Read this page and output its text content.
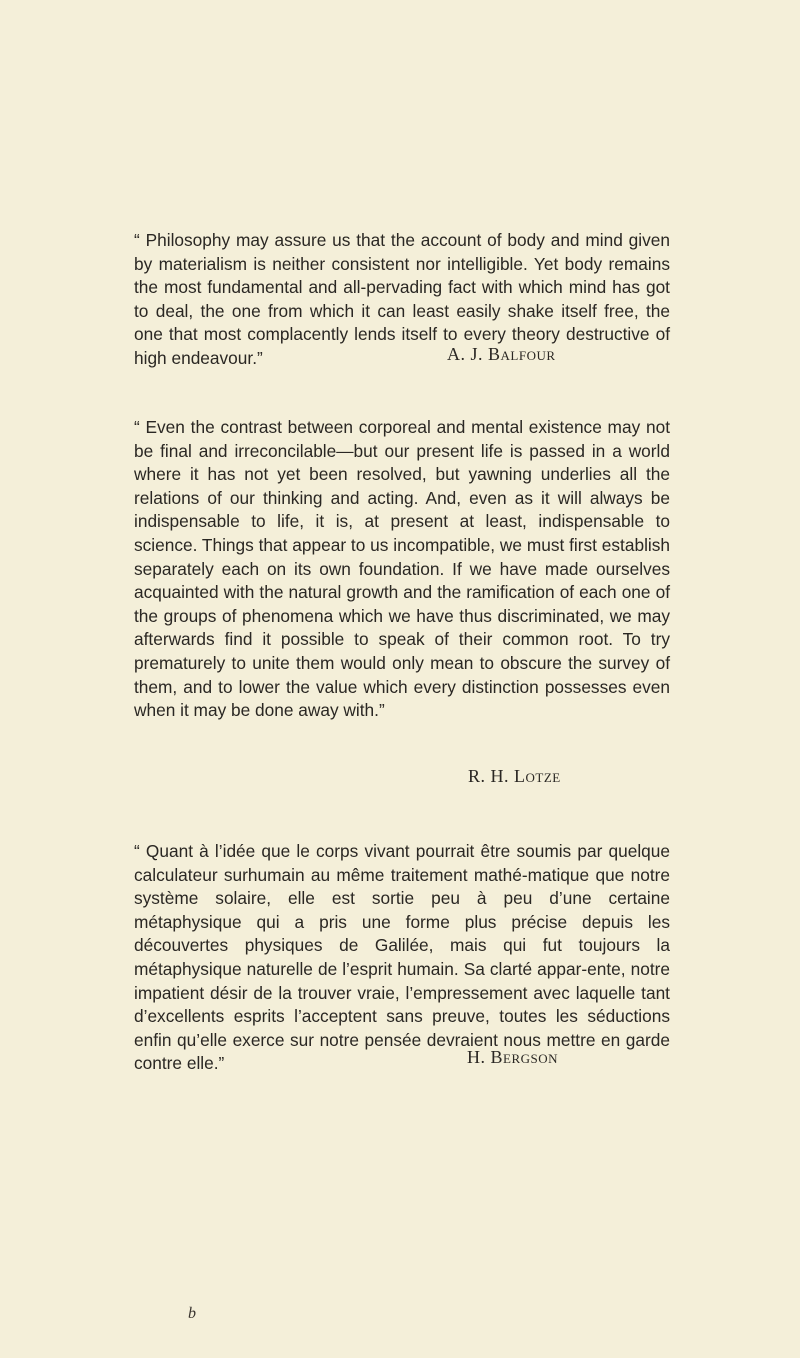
“ Philosophy may assure us that the account of body and mind given by materialism is neither consistent nor intelligible. Yet body remains the most fundamental and all-pervading fact with which mind has got to deal, the one from which it can least easily shake itself free, the one that most complacently lends itself to every theory destructive of high endeavour.”	A. J. Balfour

“ Even the contrast between corporeal and mental existence may not be final and irreconcilable—but our present life is passed in a world where it has not yet been resolved, but yawning underlies all the relations of our thinking and acting. And, even as it will always be indispensable to life, it is, at present at least, indispensable to science. Things that appear to us incompatible, we must first establish separately each on its own foundation. If we have made ourselves acquainted with the natural growth and the ramification of each one of the groups of phenomena which we have thus discriminated, we may afterwards find it possible to speak of their common root. To try prematurely to unite them would only mean to obscure the survey of them, and to lower the value which every distinction possesses even when it may be done away with.”

R. H. Lotze

“ Quant à l’idée que le corps vivant pourrait être soumis par quelque calculateur surhumain au même traitement mathé-matique que notre système solaire, elle est sortie peu à peu d’une certaine métaphysique qui a pris une forme plus précise depuis les découvertes physiques de Galilée, mais qui fut toujours la métaphysique naturelle de l’esprit humain. Sa clarté appar-ente, notre impatient désir de la trouver vraie, l’empressement avec laquelle tant d’excellents esprits l’acceptent sans preuve, toutes les séductions enfin qu’elle exerce sur notre pensée devraient nous mettre en garde contre elle.”	H. Bergson

b
